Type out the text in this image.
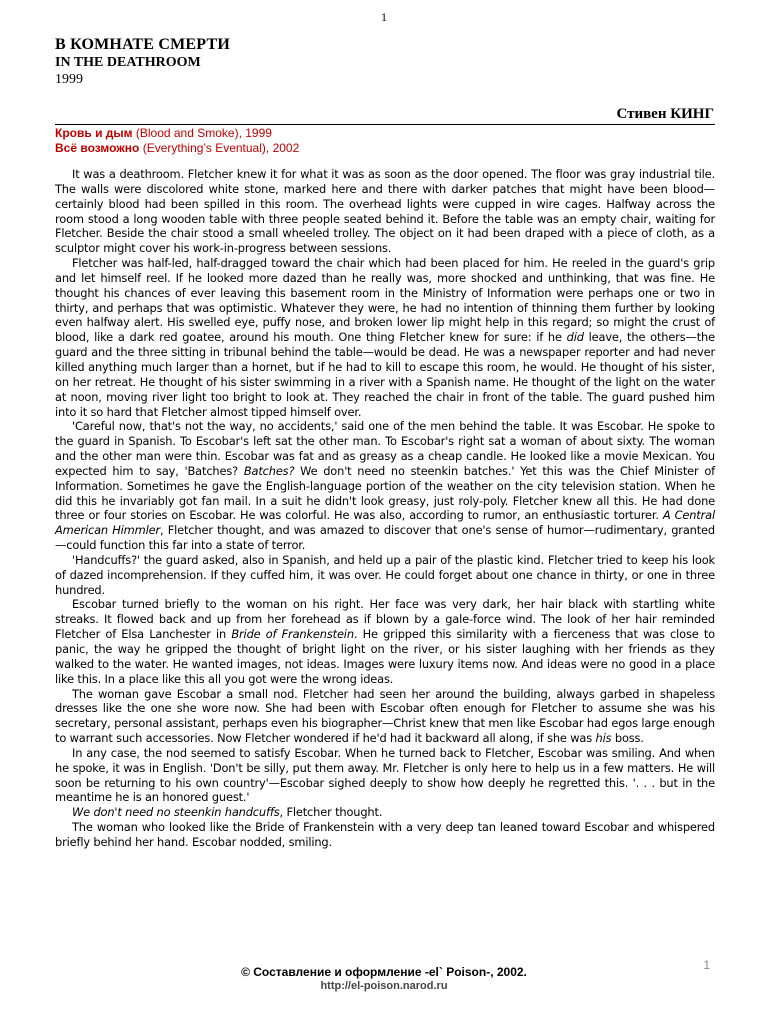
1
В КОМНАТЕ СМЕРТИ
IN THE DEATHROOM
1999
Стивен КИНГ
Кровь и дым (Blood and Smoke), 1999
Всё возможно (Everything’s Eventual), 2002

It was a deathroom. Fletcher knew it for what it was as soon as the door opened. The floor was gray industrial tile. The walls were discolored white stone, marked here and there with darker patches that might have been blood—certainly blood had been spilled in this room. The overhead lights were cupped in wire cages. Halfway across the room stood a long wooden table with three people seated behind it. Before the table was an empty chair, waiting for Fletcher. Beside the chair stood a small wheeled trolley. The object on it had been draped with a piece of cloth, as a sculptor might cover his work-in-progress between sessions.

Fletcher was half-led, half-dragged toward the chair which had been placed for him. He reeled in the guard's grip and let himself reel. If he looked more dazed than he really was, more shocked and unthinking, that was fine. He thought his chances of ever leaving this basement room in the Ministry of Information were perhaps one or two in thirty, and perhaps that was optimistic. Whatever they were, he had no intention of thinning them further by looking even halfway alert. His swelled eye, puffy nose, and broken lower lip might help in this regard; so might the crust of blood, like a dark red goatee, around his mouth. One thing Fletcher knew for sure: if he did leave, the others—the guard and the three sitting in tribunal behind the table—would be dead. He was a newspaper reporter and had never killed anything much larger than a hornet, but if he had to kill to escape this room, he would. He thought of his sister, on her retreat. He thought of his sister swimming in a river with a Spanish name. He thought of the light on the water at noon, moving river light too bright to look at. They reached the chair in front of the table. The guard pushed him into it so hard that Fletcher almost tipped himself over.

'Careful now, that's not the way, no accidents,' said one of the men behind the table. It was Escobar. He spoke to the guard in Spanish. To Escobar's left sat the other man. To Escobar's right sat a woman of about sixty. The woman and the other man were thin. Escobar was fat and as greasy as a cheap candle. He looked like a movie Mexican. You expected him to say, 'Batches? Batches? We don't need no steenkin batches.' Yet this was the Chief Minister of Information. Sometimes he gave the English-language portion of the weather on the city television station. When he did this he invariably got fan mail. In a suit he didn't look greasy, just roly-poly. Fletcher knew all this. He had done three or four stories on Escobar. He was colorful. He was also, according to rumor, an enthusiastic torturer. A Central American Himmler, Fletcher thought, and was amazed to discover that one's sense of humor—rudimentary, granted—could function this far into a state of terror.

'Handcuffs?' the guard asked, also in Spanish, and held up a pair of the plastic kind. Fletcher tried to keep his look of dazed incomprehension. If they cuffed him, it was over. He could forget about one chance in thirty, or one in three hundred.

Escobar turned briefly to the woman on his right. Her face was very dark, her hair black with startling white streaks. It flowed back and up from her forehead as if blown by a gale-force wind. The look of her hair reminded Fletcher of Elsa Lanchester in Bride of Frankenstein. He gripped this similarity with a fierceness that was close to panic, the way he gripped the thought of bright light on the river, or his sister laughing with her friends as they walked to the water. He wanted images, not ideas. Images were luxury items now. And ideas were no good in a place like this. In a place like this all you got were the wrong ideas.

The woman gave Escobar a small nod. Fletcher had seen her around the building, always garbed in shapeless dresses like the one she wore now. She had been with Escobar often enough for Fletcher to assume she was his secretary, personal assistant, perhaps even his biographer—Christ knew that men like Escobar had egos large enough to warrant such accessories. Now Fletcher wondered if he'd had it backward all along, if she was his boss.

In any case, the nod seemed to satisfy Escobar. When he turned back to Fletcher, Escobar was smiling. And when he spoke, it was in English. 'Don't be silly, put them away. Mr. Fletcher is only here to help us in a few matters. He will soon be returning to his own country'—Escobar sighed deeply to show how deeply he regretted this. '. . . but in the meantime he is an honored guest.'

We don't need no steenkin handcuffs, Fletcher thought.

The woman who looked like the Bride of Frankenstein with a very deep tan leaned toward Escobar and whispered briefly behind her hand. Escobar nodded, smiling.

1
© Составление и оформление -el` Poison-, 2002.
http://el-poison.narod.ru
